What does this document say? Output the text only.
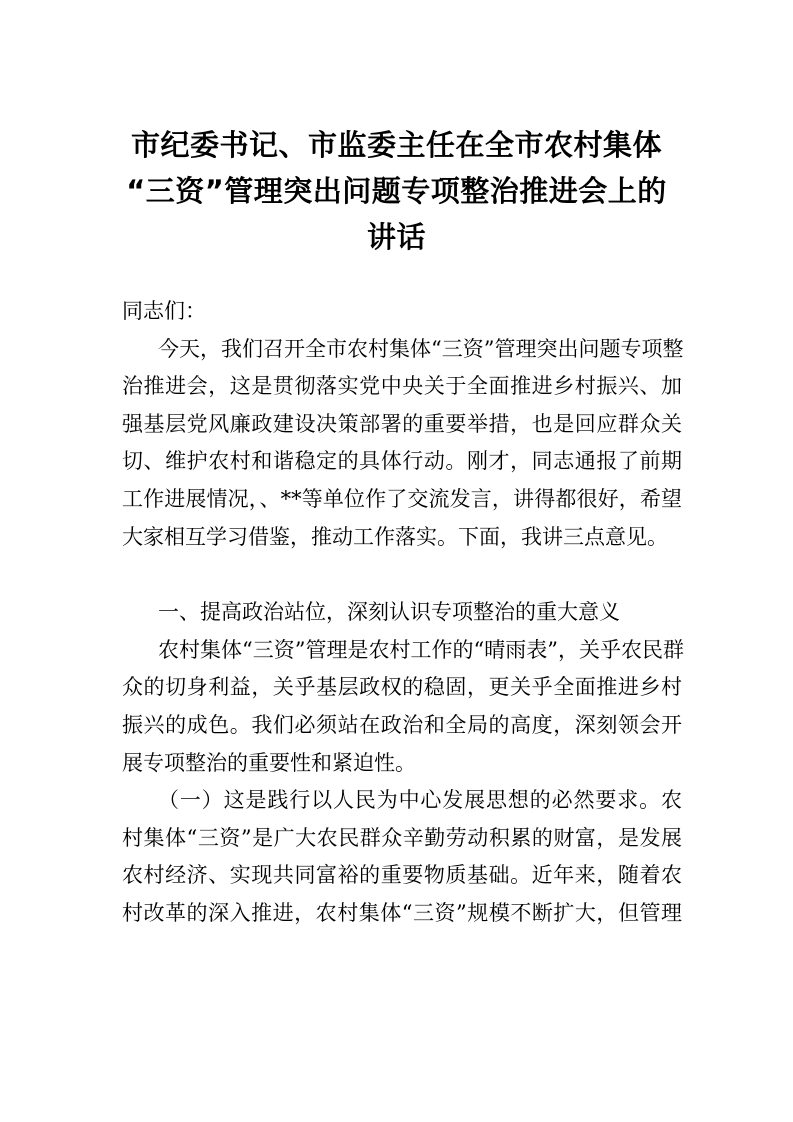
市纪委书记、市监委主任在全市农村集体
“三资”管理突出问题专项整治推进会上的
讲话
同志们：
今天，我们召开全市农村集体“三资”管理突出问题专项整
治推进会，这是贯彻落实党中央关于全面推进乡村振兴、加
强基层党风廉政建设决策部署的重要举措，也是回应群众关
切、维护农村和谐稳定的具体行动。刚才，同志通报了前期
工作进展情况，、**等单位作了交流发言，讲得都很好，希望
大家相互学习借鉴，推动工作落实。下面，我讲三点意见。
一、提高政治站位，深刻认识专项整治的重大意义
农村集体“三资”管理是农村工作的“晴雨表”，关乎农民群
众的切身利益，关乎基层政权的稳固，更关乎全面推进乡村
振兴的成色。我们必须站在政治和全局的高度，深刻领会开
展专项整治的重要性和紧迫性。
（一）这是践行以人民为中心发展思想的必然要求。农
村集体“三资”是广大农民群众辛勤劳动积累的财富，是发展
农村经济、实现共同富裕的重要物质基础。近年来，随着农
村改革的深入推进，农村集体“三资”规模不断扩大，但管理
